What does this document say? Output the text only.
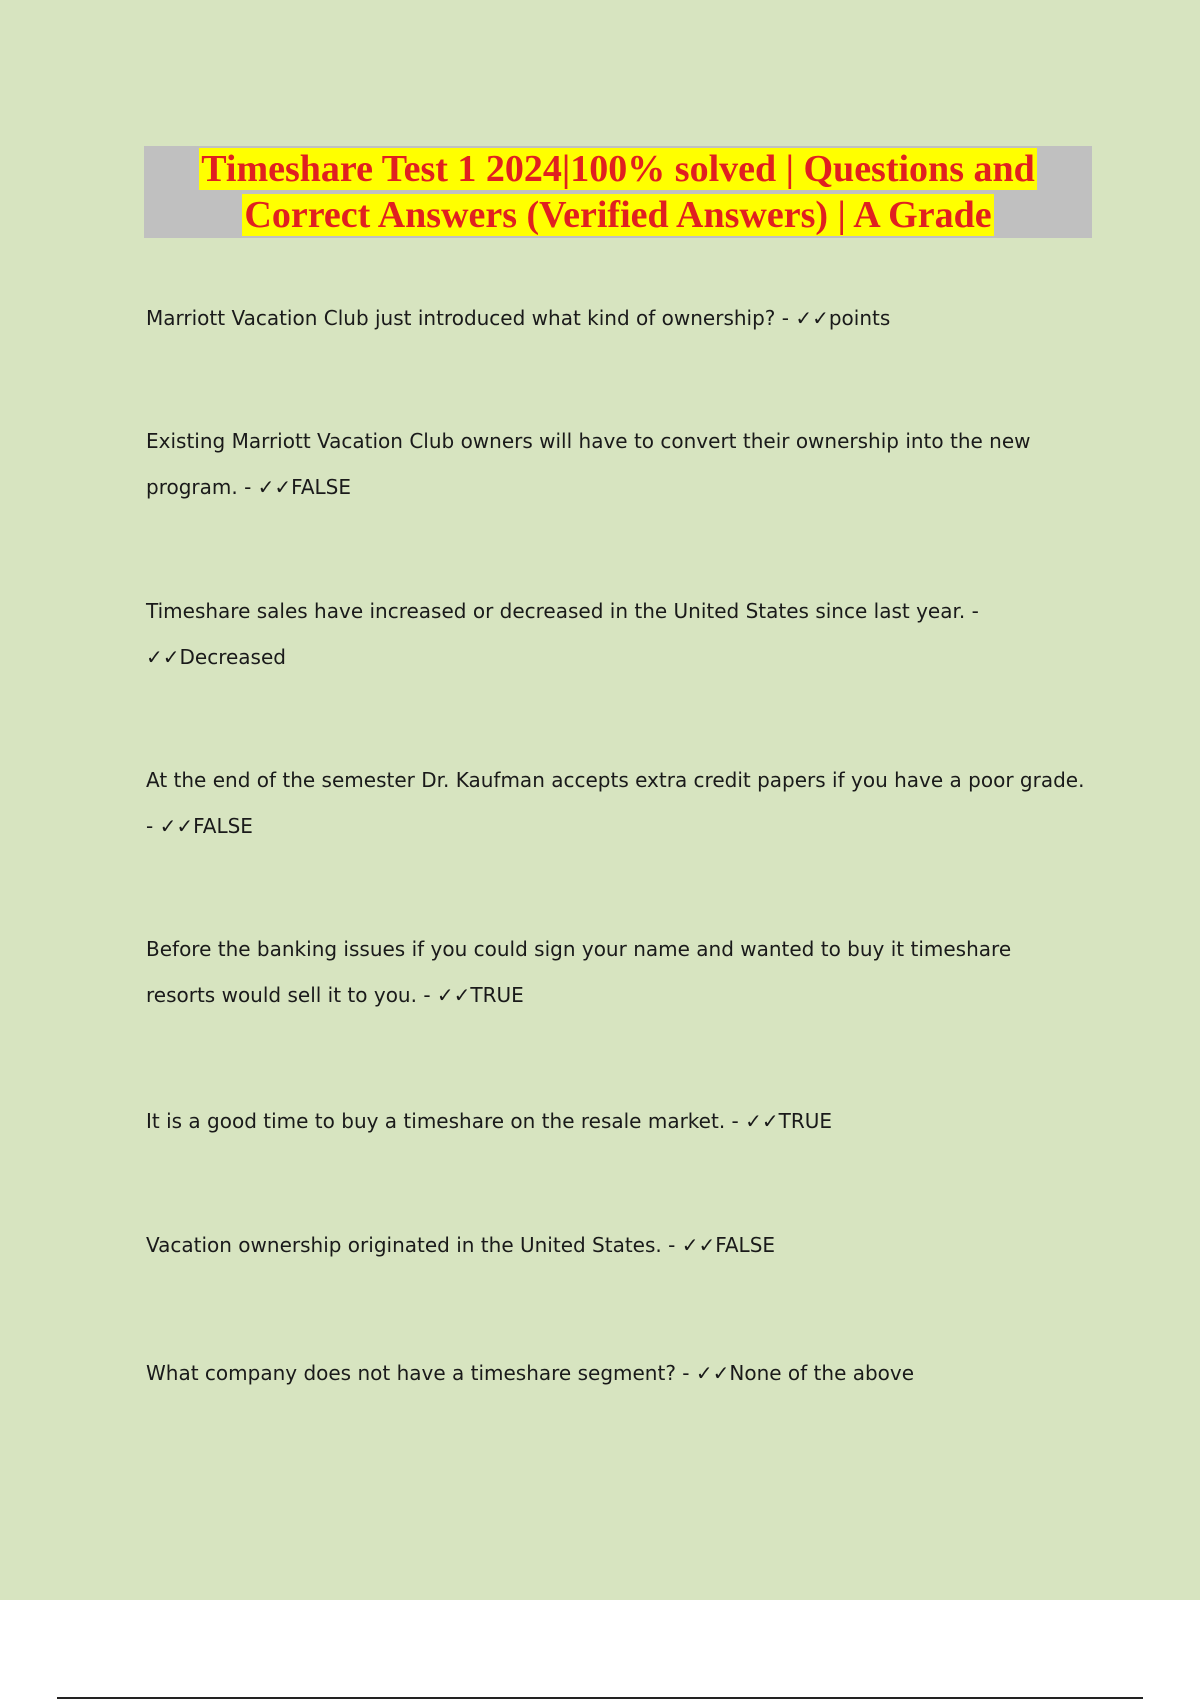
Timeshare Test 1 2024|100% solved | Questions and
Correct Answers (Verified Answers) | A Grade

Marriott Vacation Club just introduced what kind of ownership? - ✓✓points

Existing Marriott Vacation Club owners will have to convert their ownership into the new program. - ✓✓FALSE

Timeshare sales have increased or decreased in the United States since last year. - ✓✓Decreased

At the end of the semester Dr. Kaufman accepts extra credit papers if you have a poor grade. - ✓✓FALSE

Before the banking issues if you could sign your name and wanted to buy it timeshare resorts would sell it to you. - ✓✓TRUE

It is a good time to buy a timeshare on the resale market. - ✓✓TRUE

Vacation ownership originated in the United States. - ✓✓FALSE

What company does not have a timeshare segment? - ✓✓None of the above
